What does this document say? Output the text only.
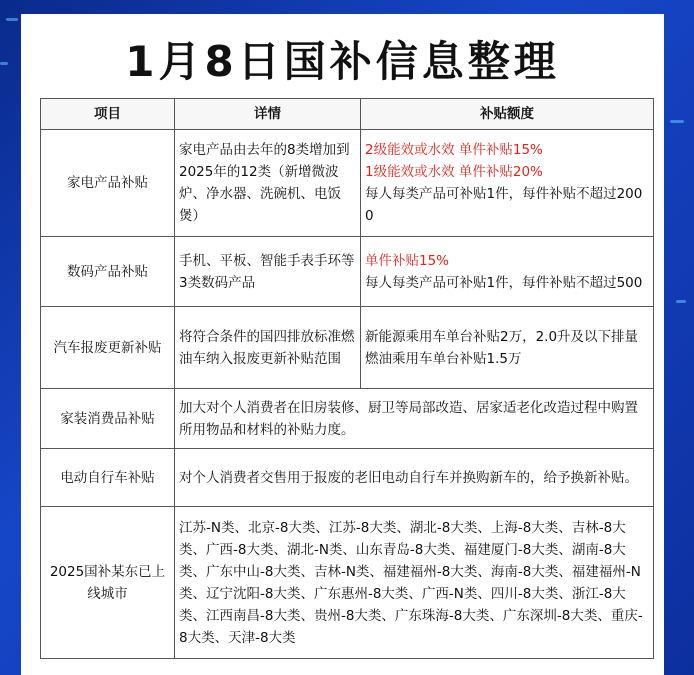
1月8日国补信息整理
项目	详情	补贴额度
家电产品补贴	家电产品由去年的8类增加到2025年的12类（新增微波炉、净水器、洗碗机、电饭煲）	2级能效或水效 单件补贴15%
1级能效或水效 单件补贴20%
每人每类产品可补贴1件，每件补贴不超过2000

数码产品补贴	手机、平板、智能手表手环等3类数码产品	单件补贴15%
每人每类产品可补贴1件，每件补贴不超过500

汽车报废更新补贴	将符合条件的国四排放标准燃油车纳入报废更新补贴范围	新能源乘用车单台补贴2万，2.0升及以下排量燃油乘用车单台补贴1.5万

家装消费品补贴	加大对个人消费者在旧房装修、厨卫等局部改造、居家适老化改造过程中购置所用物品和材料的补贴力度。	
电动自行车补贴	对个人消费者交售用于报废的老旧电动自行车并换购新车的，给予换新补贴。	
2025国补某东已上线城市	江苏-N类、北京-8大类、江苏-8大类、湖北-8大类、上海-8大类、吉林-8大类、广西-8大类、湖北-N类、山东青岛-8大类、福建厦门-8大类、湖南-8大类、广东中山-8大类、吉林-N类、福建福州-8大类、海南-8大类、福建福州-N类、辽宁沈阳-8大类、广东惠州-8大类、广西-N类、四川-8大类、浙江-8大类、江西南昌-8大类、贵州-8大类、广东珠海-8大类、广东深圳-8大类、重庆-8大类、天津-8大类	
